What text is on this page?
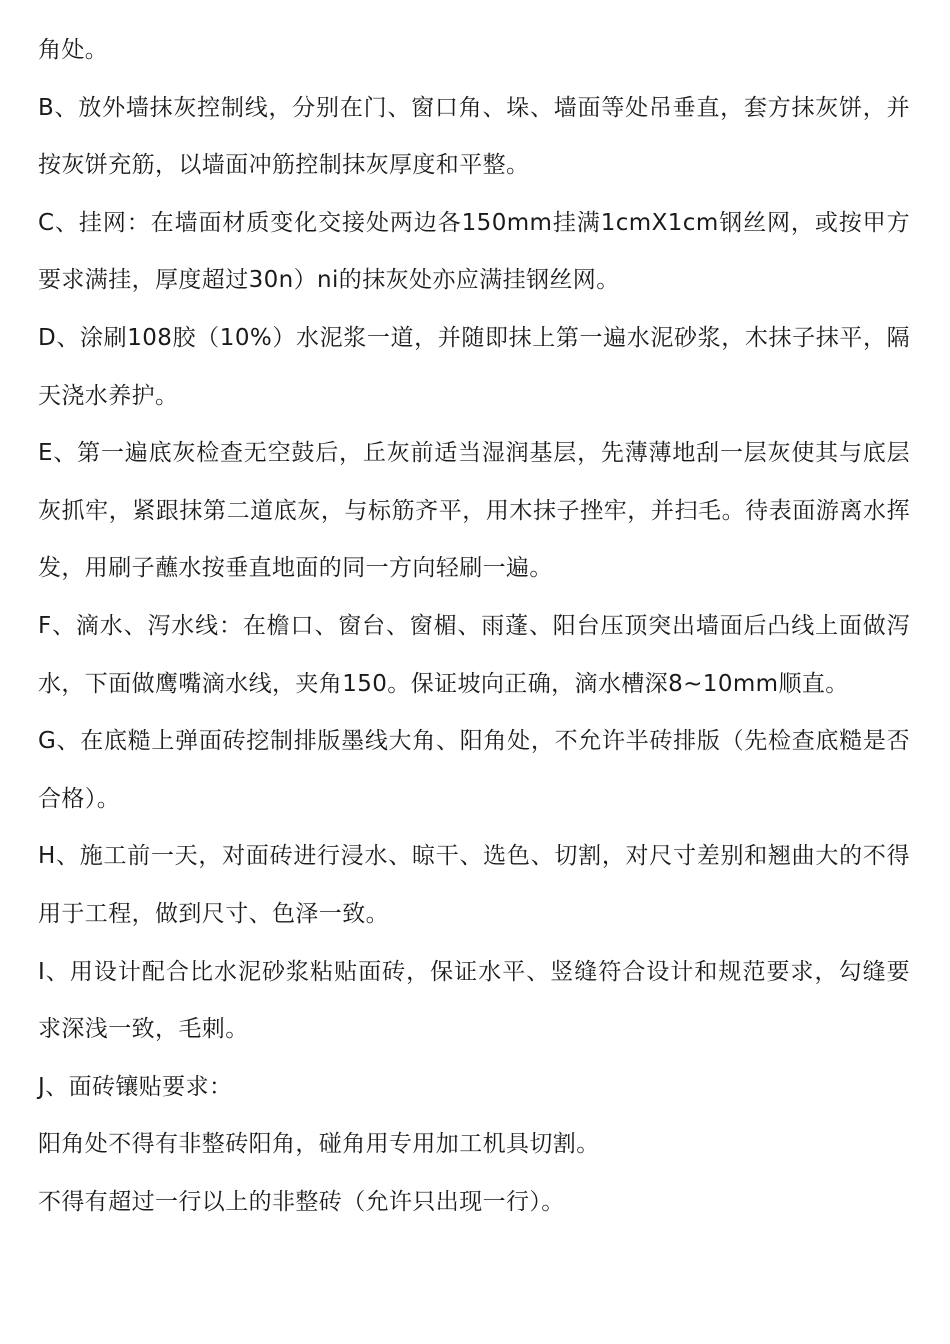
角处。

B、放外墙抹灰控制线，分别在门、窗口角、垛、墙面等处吊垂直，套方抹灰饼，并按灰饼充筋，以墙面冲筋控制抹灰厚度和平整。

C、挂网：在墙面材质变化交接处两边各150mm挂满1cmX1cm钢丝网，或按甲方要求满挂，厚度超过30n）ni的抹灰处亦应满挂钢丝网。

D、涂刷108胶（10%）水泥浆一道，并随即抹上第一遍水泥砂浆，木抹子抹平，隔天浇水养护。

E、第一遍底灰检查无空鼓后，丘灰前适当湿润基层，先薄薄地刮一层灰使其与底层灰抓牢，紧跟抹第二道底灰，与标筋齐平，用木抹子挫牢，并扫毛。待表面游离水挥发，用刷子蘸水按垂直地面的同一方向轻刷一遍。

F、滴水、泻水线：在檐口、窗台、窗楣、雨蓬、阳台压顶突出墙面后凸线上面做泻水，下面做鹰嘴滴水线，夹角150。保证坡向正确，滴水槽深8~10mm顺直。

G、在底糙上弹面砖挖制排版墨线大角、阳角处，不允许半砖排版（先检查底糙是否合格）。

H、施工前一天，对面砖进行浸水、晾干、选色、切割，对尺寸差别和翘曲大的不得用于工程，做到尺寸、色泽一致。

I、用设计配合比水泥砂浆粘贴面砖，保证水平、竖缝符合设计和规范要求，勾缝要求深浅一致，毛刺。

J、面砖镶贴要求：

阳角处不得有非整砖阳角，碰角用专用加工机具切割。

不得有超过一行以上的非整砖（允许只出现一行）。
